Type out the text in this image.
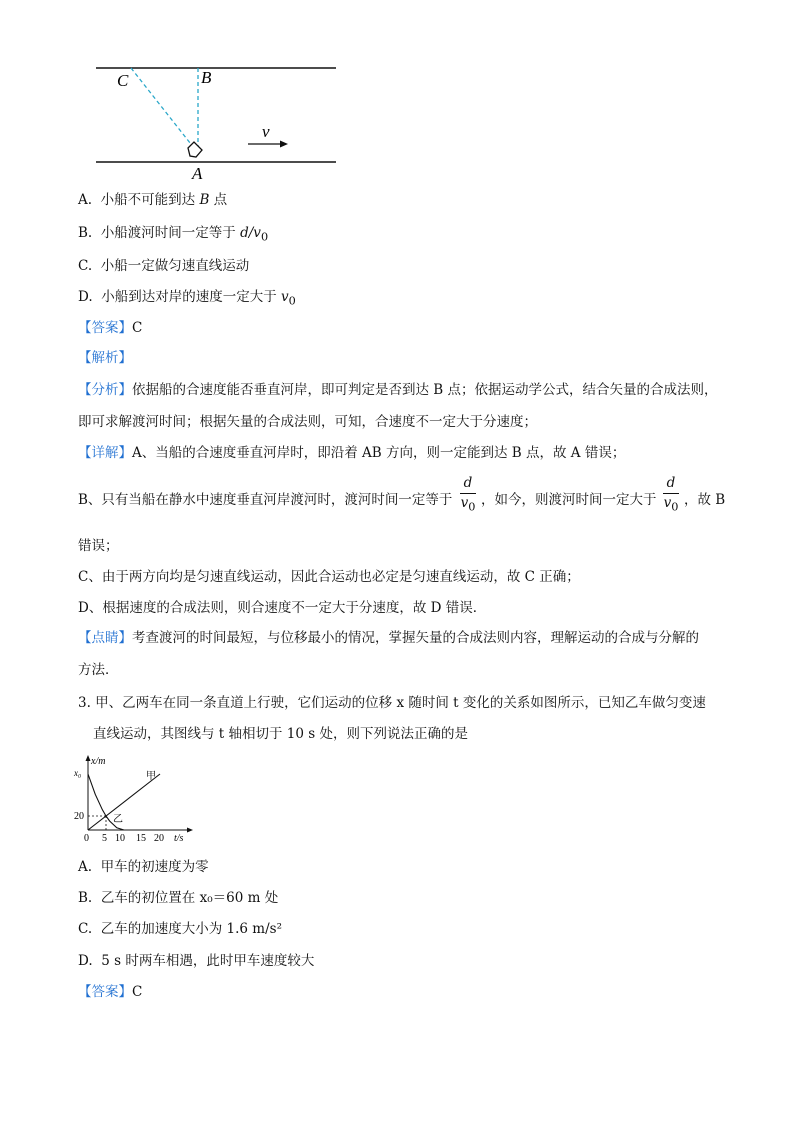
C	B
A
v
A. 小船不可能到达 B 点
B. 小船渡河时间一定等于 $d/v_0$
C. 小船一定做匀速直线运动
D. 小船到达对岸的速度一定大于 $v_0$
【答案】C
【解析】
【分析】依据船的合速度能否垂直河岸，即可判定是否到达 B 点；依据运动学公式，结合矢量的合成法则，
即可求解渡河时间；根据矢量的合成法则，可知，合速度不一定大于分速度；
【详解】A、当船的合速度垂直河岸时，即沿着 AB 方向，则一定能到达 B 点，故 A 错误；
B、只有当船在静水中速度垂直河岸渡河时，渡河时间一定等于
d
$v_0$ ，如今，则渡河时间一定大于
d
$v_0$ ，故 B
错误；
C、由于两方向均是匀速直线运动，因此合运动也必定是匀速直线运动，故 C 正确；
D、根据速度的合成法则，则合速度不一定大于分速度，故 D 错误．
【点睛】考查渡河的时间最短，与位移最小的情况，掌握矢量的合成法则内容，理解运动的合成与分解的
方法．
3. 甲、乙两车在同一条直道上行驶，它们运动的位移 x 随时间 t 变化的关系如图所示，已知乙车做匀变速
直线运动，其图线与 t 轴相切于 10 s 处，则下列说法正确的是
x/m
t/s
x₀
20
0 5 10 15 20
甲
乙
A. 甲车的初速度为零
B. 乙车的初位置在 x₀＝60 m 处
C. 乙车的加速度大小为 1.6 m/s²
D. 5 s 时两车相遇，此时甲车速度较大
【答案】C
